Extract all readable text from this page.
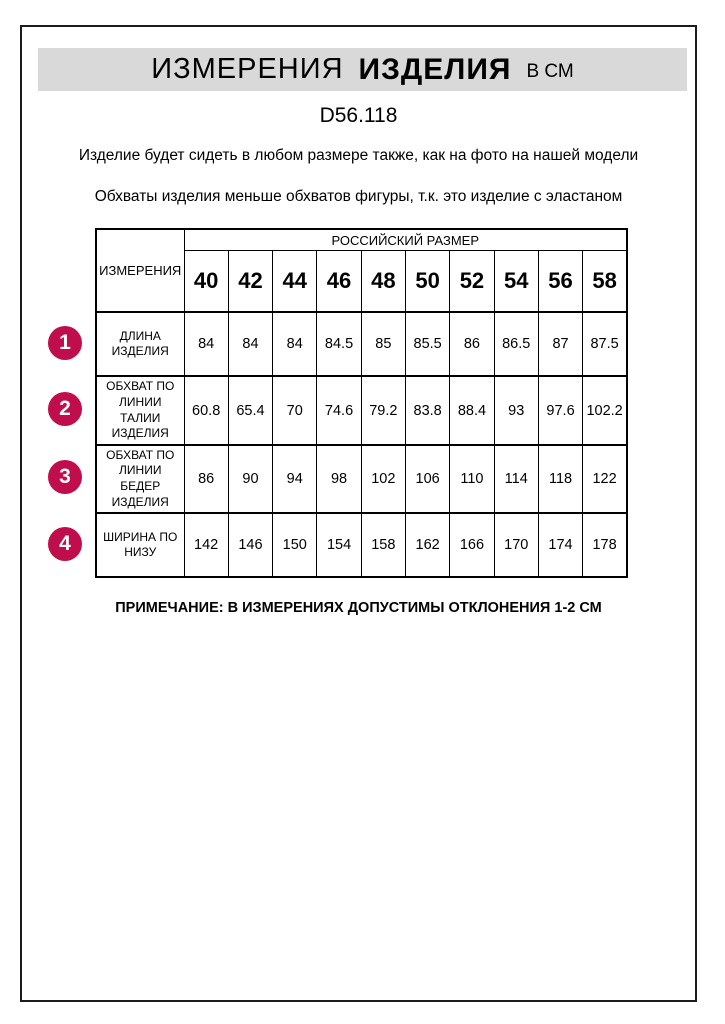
ИЗМЕРЕНИЯ ИЗДЕЛИЯ В СМ
D56.118

Изделие будет сидеть в любом размере также, как на фото на нашей модели

Обхваты изделия меньше обхватов фигуры, т.к. это изделие с эластаном

1
2
3
4
ИЗМЕРЕНИЯ	РОССИЙСКИЙ РАЗМЕР									
	40	42	44	46	48	50	52	54	56	58
ДЛИНА ИЗДЕЛИЯ	84	84	84	84.5	85	85.5	86	86.5	87	87.5
ОБХВАТ ПО ЛИНИИ ТАЛИИ ИЗДЕЛИЯ	60.8	65.4	70	74.6	79.2	83.8	88.4	93	97.6	102.2
ОБХВАТ ПО ЛИНИИ БЕДЕР ИЗДЕЛИЯ	86	90	94	98	102	106	110	114	118	122
ШИРИНА ПО НИЗУ	142	146	150	154	158	162	166	170	174	178

ПРИМЕЧАНИЕ: В ИЗМЕРЕНИЯХ ДОПУСТИМЫ ОТКЛОНЕНИЯ 1-2 СМ
